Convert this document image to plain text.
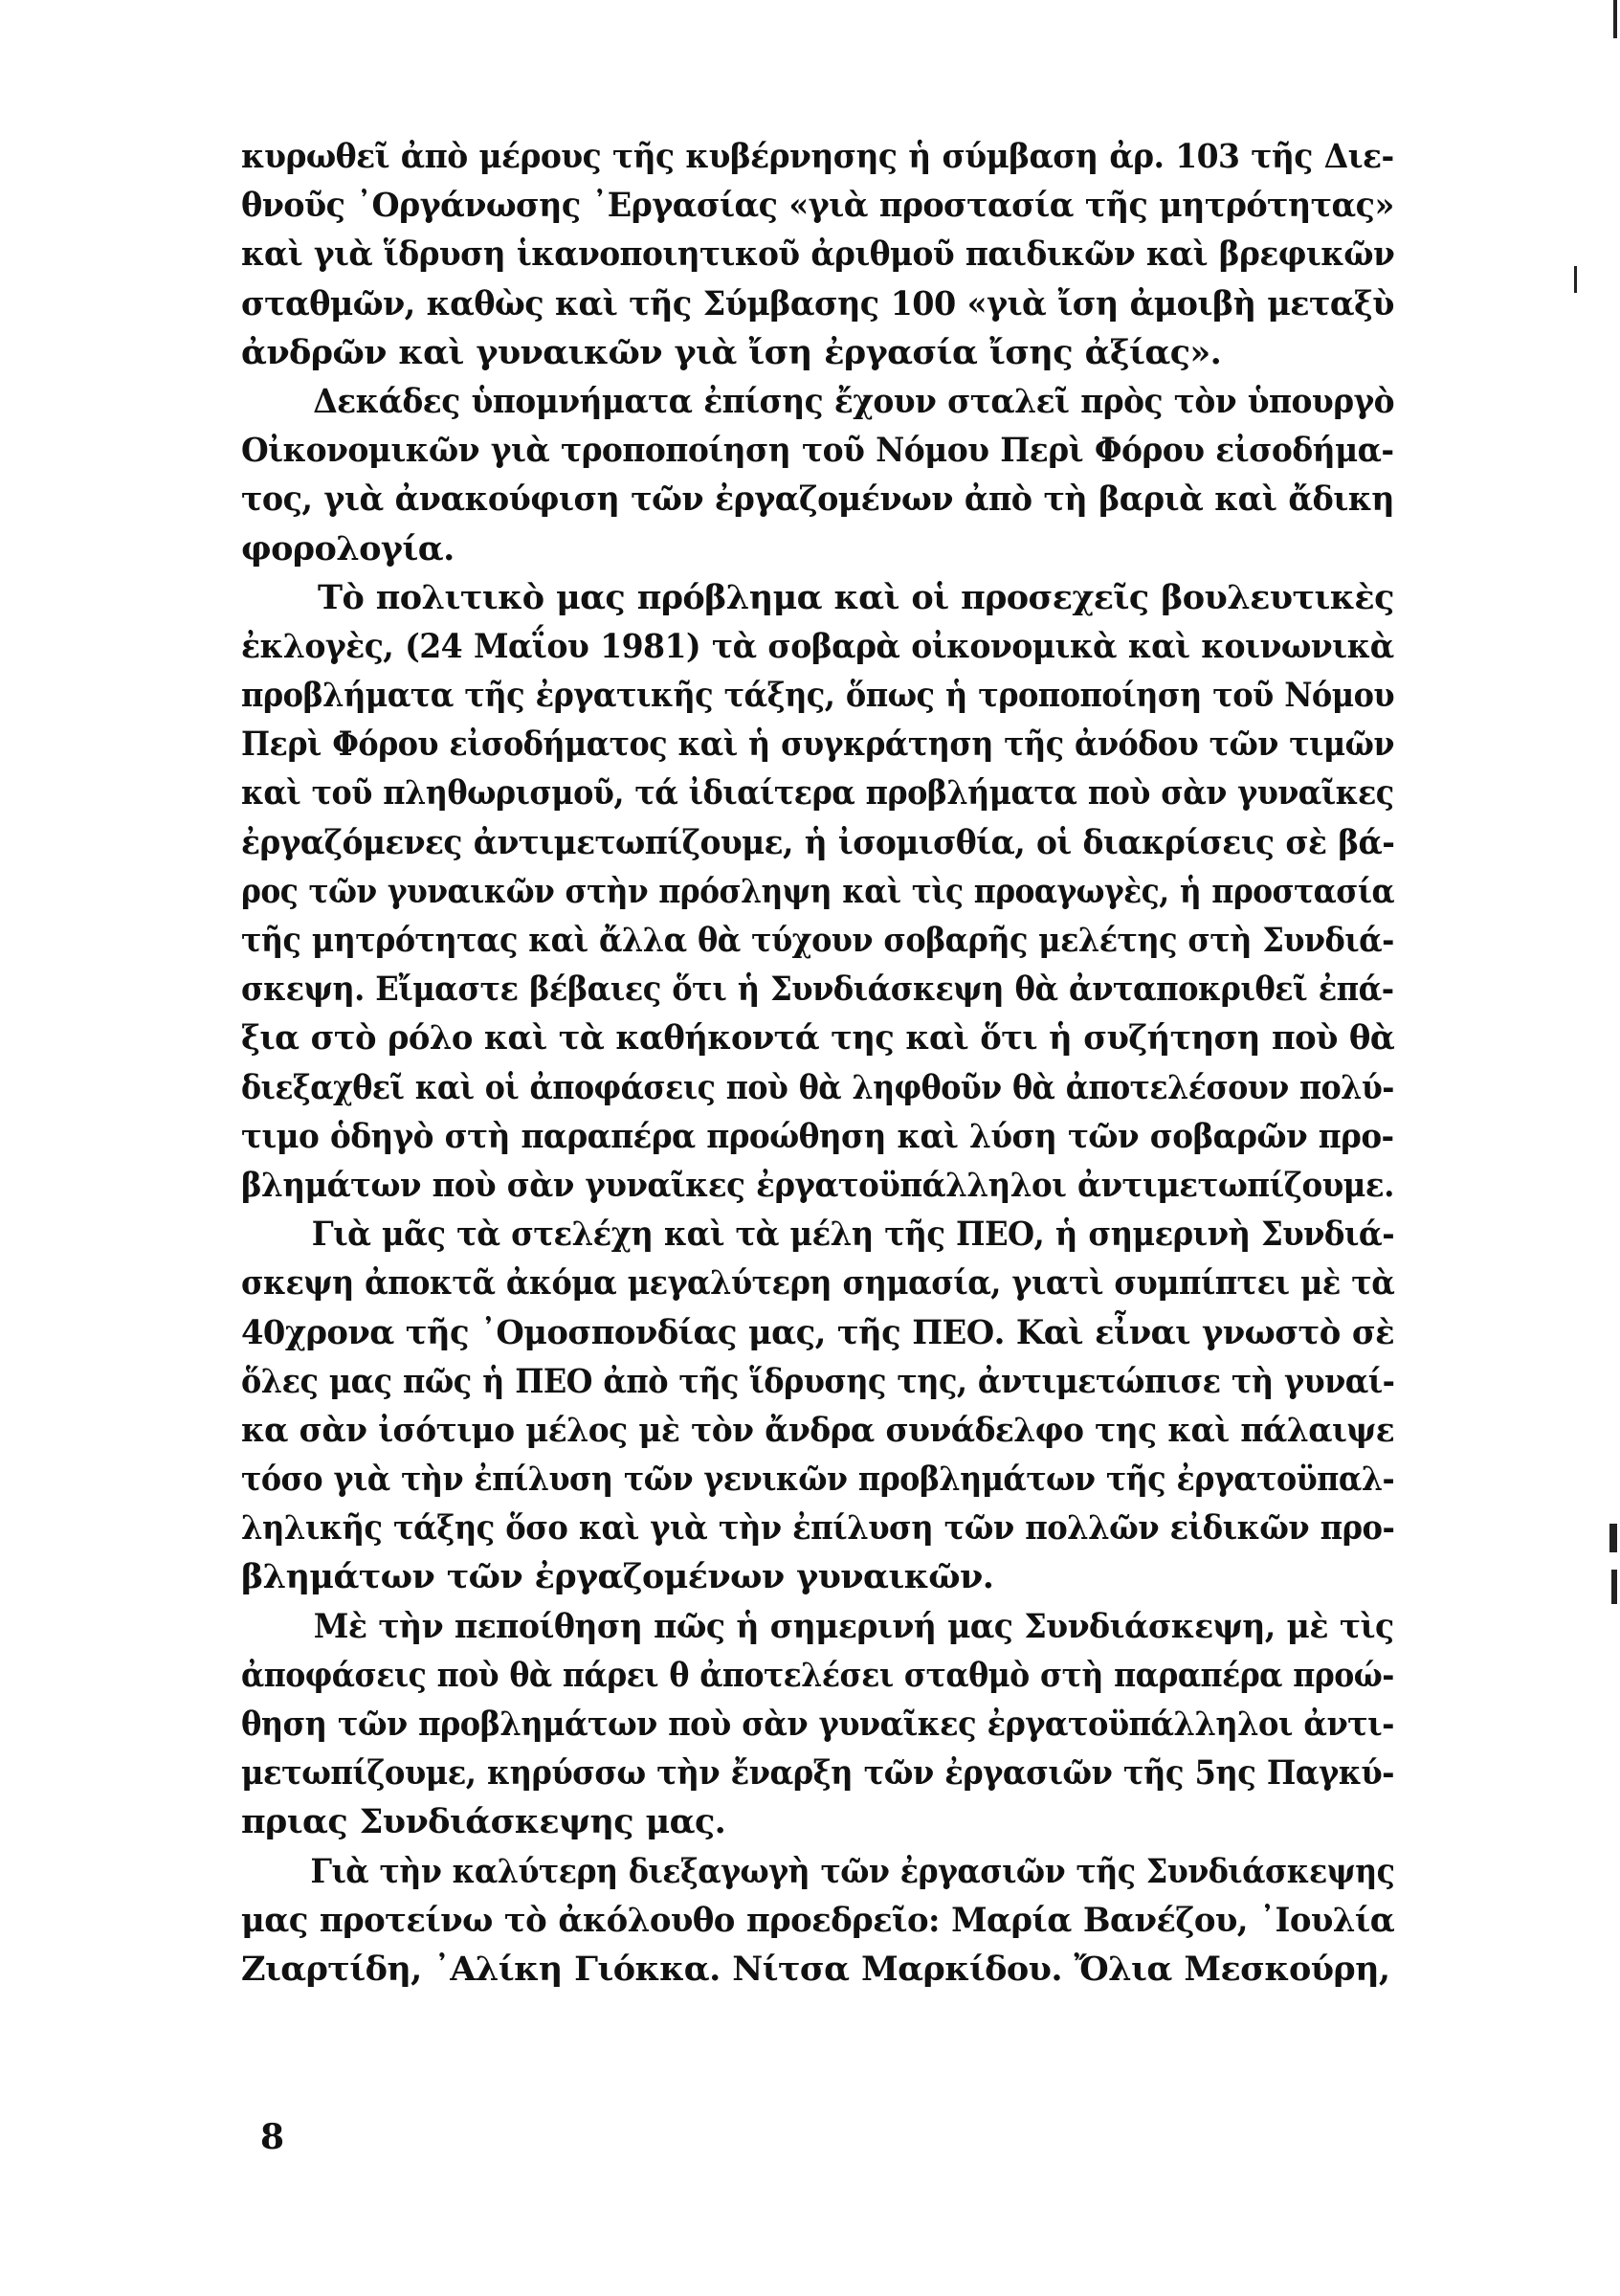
κυρωθεῖ ἀπὸ μέρους τῆς κυβέρνησης ἡ σύμβαση ἀρ. 103 τῆς Διε-
θνοῦς ᾿Οργάνωσης ᾿Εργασίας «γιὰ προστασία τῆς μητρότητας»
καὶ γιὰ ἵδρυση ἱκανοποιητικοῦ ἀριθμοῦ παιδικῶν καὶ βρεφικῶν
σταθμῶν, καθὼς καὶ τῆς Σύμβασης 100 «γιὰ ἴση ἀμοιβὴ μεταξὺ
ἀνδρῶν καὶ γυναικῶν γιὰ ἴση ἐργασία ἴσης ἀξίας».
Δεκάδες ὑπομνήματα ἐπίσης ἔχουν σταλεῖ πρὸς τὸν ὑπουργὸ
Οἰκονομικῶν γιὰ τροποποίηση τοῦ Νόμου Περὶ Φόρου εἰσοδήμα-
τος, γιὰ ἀνακούφιση τῶν ἐργαζομένων ἀπὸ τὴ βαριὰ καὶ ἄδικη
φορολογία.
Τὸ πολιτικὸ μας πρόβλημα καὶ οἱ προσεχεῖς βουλευτικὲς
ἐκλογὲς, (24 Μαΐου 1981) τὰ σοβαρὰ οἰκονομικὰ καὶ κοινωνικὰ
προβλήματα τῆς ἐργατικῆς τάξης, ὅπως ἡ τροποποίηση τοῦ Νόμου
Περὶ Φόρου εἰσοδήματος καὶ ἡ συγκράτηση τῆς ἀνόδου τῶν τιμῶν
καὶ τοῦ πληθωρισμοῦ, τά ἰδιαίτερα προβλήματα ποὺ σὰν γυναῖκες
ἐργαζόμενες ἀντιμετωπίζουμε, ἡ ἰσομισθία, οἱ διακρίσεις σὲ βά-
ρος τῶν γυναικῶν στὴν πρόσληψη καὶ τὶς προαγωγὲς, ἡ προστασία
τῆς μητρότητας καὶ ἄλλα θὰ τύχουν σοβαρῆς μελέτης στὴ Συνδιά-
σκεψη. Εἴμαστε βέβαιες ὅτι ἡ Συνδιάσκεψη θὰ ἀνταποκριθεῖ ἐπά-
ξια στὸ ρόλο καὶ τὰ καθήκοντά της καὶ ὅτι ἡ συζήτηση ποὺ θὰ
διεξαχθεῖ καὶ οἱ ἀποφάσεις ποὺ θὰ ληφθοῦν θὰ ἀποτελέσουν πολύ-
τιμο ὁδηγὸ στὴ παραπέρα προώθηση καὶ λύση τῶν σοβαρῶν προ-
βλημάτων ποὺ σὰν γυναῖκες ἐργατοϋπάλληλοι ἀντιμετωπίζουμε.
Γιὰ μᾶς τὰ στελέχη καὶ τὰ μέλη τῆς ΠΕΟ, ἡ σημερινὴ Συνδιά-
σκεψη ἀποκτᾶ ἀκόμα μεγαλύτερη σημασία, γιατὶ συμπίπτει μὲ τὰ
40χρονα τῆς ᾿Ομοσπονδίας μας, τῆς ΠΕΟ. Καὶ εἶναι γνωστὸ σὲ
ὅλες μας πῶς ἡ ΠΕΟ ἀπὸ τῆς ἵδρυσης της, ἀντιμετώπισε τὴ γυναί-
κα σὰν ἰσότιμο μέλος μὲ τὸν ἄνδρα συνάδελφο της καὶ πάλαιψε
τόσο γιὰ τὴν ἐπίλυση τῶν γενικῶν προβλημάτων τῆς ἐργατοϋπαλ-
ληλικῆς τάξης ὅσο καὶ γιὰ τὴν ἐπίλυση τῶν πολλῶν εἰδικῶν προ-
βλημάτων τῶν ἐργαζομένων γυναικῶν.
Μὲ τὴν πεποίθηση πῶς ἡ σημερινή μας Συνδιάσκεψη, μὲ τὶς
ἀποφάσεις ποὺ θὰ πάρει θ ἀποτελέσει σταθμὸ στὴ παραπέρα προώ-
θηση τῶν προβλημάτων ποὺ σὰν γυναῖκες ἐργατοϋπάλληλοι ἀντι-
μετωπίζουμε, κηρύσσω τὴν ἔναρξη τῶν ἐργασιῶν τῆς 5ης Παγκύ-
πριας Συνδιάσκεψης μας.
Γιὰ τὴν καλύτερη διεξαγωγὴ τῶν ἐργασιῶν τῆς Συνδιάσκεψης
μας προτείνω τὸ ἀκόλουθο προεδρεῖο: Μαρία Βανέζου, ᾿Ιουλία
Ζιαρτίδη, ᾿Αλίκη Γιόκκα. Νίτσα Μαρκίδου. Ὄλια Μεσκούρη,
8
